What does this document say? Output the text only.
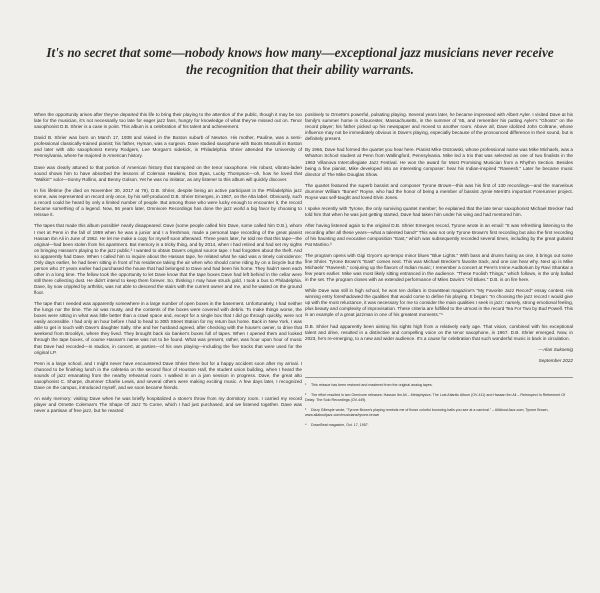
It's no secret that some—nobody knows how many—exceptional jazz musicians never receive the recognition that their ability warrants.

When the opportunity arises after they've departed this life to bring their playing to the attention of the public, though it may be too late for the musician, it's not necessarily too late for eager jazz fans, hungry for knowledge of what they've missed out on. Tenor saxophonist D.B. Shrier is a case in point. This album is a celebration of his talent and achievement.

David B. Shrier was born on March 17, 1938 and raised in the Boston suburb of Newton. His mother, Pauline, was a semi-professional classically-trained pianist; his father, Hyman, was a surgeon. Dave studied saxophone with Boots Mussulli in Boston and later with alto saxophonist Kenny Rodgers, Lee Morgan's sidekick, in Philadelphia. Shrier attended the University of Pennsylvania, where he majored in American history.

Dave was clearly attuned to that portion of American history that transpired on the tenor saxophone. His robust, vibrato-laden sound shows him to have absorbed the lessons of Coleman Hawkins, Don Byas, Lucky Thompson—oh, how he loved that "Walkin'" solo!—Sonny Rollins, and Benny Golson. Yet he was no imitator, as any listener to this album will quickly discover.

In his lifetime (he died on November 30, 2017 at 79), D.B. Shrier, despite being an active participant in the Philadelphia jazz scene, was represented on record only once, by his self-produced D.B. Shrier Emerges, in 1967, on the Alta label. Obviously, such a record could be heard by only a limited number of people. But among those who were lucky enough to encounter it, the record became something of a legend. Now, 56 years later, Omnivore Recordings has done the jazz world a big favor by choosing to reissue it.

The tapes that made this album possible¹ nearly disappeared. Dave (some people called him Dave, some called him D.B.), whom I met at Penn in the fall of 1959 when he was a junior and I a freshman, made a personal tape recording of the great pianist Hassan Ibn Ali in June of 1962. He let me make a copy for myself soon afterward. Three years later, he told me that this tape—the original—had been stolen from his apartment. But memory is a tricky thing, and by 2014, when I had retired and had set my sights on bringing Hassan's playing to the jazz public,² I wanted to obtain Dave's original source tape. I had forgotten about the theft. And so apparently had Dave. When I called him to inquire about the Hassan tape, he related what he said was a timely coincidence: Only days earlier, he had been sitting in front of his residence taking the air when who should come riding by on a bicycle but the person who 27 years earlier had purchased the house that had belonged to Dave and had been his home. They hadn't seen each other in a long time. The fellow took the opportunity to let Dave know that the tape boxes Dave had left behind in the cellar were still there collecting dust. He didn't intend to keep them forever. So, thinking I may have struck gold, I took a bus to Philadelphia. Dave, by now crippled by arthritis, was not able to descend the stairs with the current owner and me, and he waited on the ground floor.

The tape that I needed was apparently somewhere in a large number of open boxes in the basement. Unfortunately, I had neither the lungs nor the time. The air was musty, and the contents of the boxes were covered with debris. To make things worse, the boxes were sitting in what was little better than a crawl space and, except for a single box that I did go through quickly, were not easily accessible. I had only an hour before I had to head to 30th Street Station for my return bus home. Back in New York, I was able to get in touch with Dave's daughter Sally. She and her husband agreed, after checking with the house's owner, to drive that weekend from Brooklyn, where they lived. They brought back six banker's boxes full of tapes. When I opened them and looked through the tape boxes, of course Hassan's name was not to be found. What was present, rather, was hour upon hour of music that Dave had recorded—in studios, in concert, at parties—of his own playing—including the five tracks that were used for the original LP.

Penn is a large school, and I might never have encountered Dave Shrier there but for a happy accident soon after my arrival. I chanced to be finishing lunch in the cafeteria on the second floor of Houston Hall, the student union building, when I heard the sounds of jazz emanating from the nearby rehearsal room. I walked in on a jam session in progress. Dave, the great alto saxophonist C. Sharpe, drummer Charlie Lewis, and several others were making exciting music. A few days later, I recognized Dave on the campus, introduced myself, and we soon became friends.

An early memory: visiting Dave when he was briefly hospitalized a stone's throw from my dormitory room. I carried my record player and Ornette Coleman's The Shape Of Jazz To Come, which I had just purchased, and we listened together. Dave was never a partisan of free jazz, but he reacted

positively to Ornette's powerful, pulsating playing. Several years later, he became impressed with Albert Ayler. I visited Dave at his family's summer home in Gloucester, Massachusetts, in the summer of '65, and remember his putting Ayler's "Ghosts" on the record player; his father picked up his newspaper and moved to another room. Above all, Dave idolized John Coltrane, whose influence may not be immediately obvious in Dave's playing, especially because of the pronounced difference in their sound, but is definitely present.

By 1966, Dave had formed the quartet you hear here. Pianist Mike Ostrowski, whose professional name was Mike Michaels, was a Wharton School student at Penn from Wallingford, Pennsylvania. Mike led a trio that was selected as one of two finalists in the 1963 Villanova Intercollegiate Jazz Festival. He won the award for Most Promising Musician from a Rhythm Section. Besides being a fine pianist, Mike developed into an interesting composer: hear his Indian-inspired "Raveesh." Later he became music director of The Mike Douglas Show.

The quartet featured the superb bassist and composer Tyrone Brown—this was his first of 130 recordings—and the marvelous drummer William "Bones" Royse, who had the honor of being a member of bassist Jymie Merritt's important Forerunner project. Royse was self-taught and loved Elvin Jones.

I spoke recently with Tyrone, the only surviving quartet member; he explained that the late tenor saxophonist Michael Brecker had told him that when he was just getting started, Dave had taken him under his wing and had mentored him.

After having listened again to the original D.B. Shrier Emerges record, Tyrone wrote in an email: "It was refreshing listening to the recording after all these years—what a talented band!" This was not only Tyrone Brown's first recording but also the first recording of his haunting and evocative composition "East," which was subsequently recorded several times, including by the great guitarist Pat Martino.³

The program opens with Gigi Gryce's up-tempo minor blues "Blue Lights." With bass and drums fusing as one, it brings out some fine Shrier. Tyrone Brown's "East" comes next. This was Michael Brecker's favorite track, and one can hear why. Next up is Mike Michaels' "Raveesh," conjuring up the flavors of Indian music; I remember a concert at Penn's Irvine Auditorium by Ravi Shankar a few years earlier. Mike was most likely sitting entranced in the audience. "These Foolish Things," which follows, is the only ballad in the set. The program closes with an extended performance of Miles Davis's "All Blues." D.B. is on fire here.

While Dave was still in high school, he won ten dollars in DownBeat magazine's "My Favorite Jazz Record" essay contest. His winning entry foreshadowed the qualities that would come to define his playing. It began: "In choosing the jazz record I would give up with the most reluctance, it was necessary for me to consider the main qualities I seek in jazz: namely, strong emotional feeling, plus beauty and complexity of improvisation. These criteria are fulfilled to the utmost in the record Tea For Two by Bud Powell. This is an example of a great jazzman in one of his greatest moments."⁴

D.B. Shrier had apparently been aiming his sights high from a relatively early age. That vision, combined with his exceptional talent and drive, resulted in a distinctive and compelling voice on the tenor saxophone, in 1967. D.B. Shrier emerged. Now, in 2023, he's re-emerging, to a new and wider audience. It's a cause for celebration that such wonderful music is back in circulation.

—Alan Sukoenig

September 2022

¹ This reissue has been restored and mastered from the original analog tapes.

² The effort resulted in two Omnivore releases: Hassan Ibn Ali – Metaphysics: The Lost Atlantic Album (OV-411) and Hassan Ibn Ali – Retrospect In Retirement Of Delay: The Solo Recordings (OV-449).

³ Dizzy Gillespie wrote, "Tyrone Brown's playing reminds me of those colorful bouncing balls you see at a carnival." – AllAboutJazz.com; Tyrone Brown, www.allaboutjazz.com/musicians/tyrone-brown

⁴ DownBeat magazine, Oct. 17, 1957.
